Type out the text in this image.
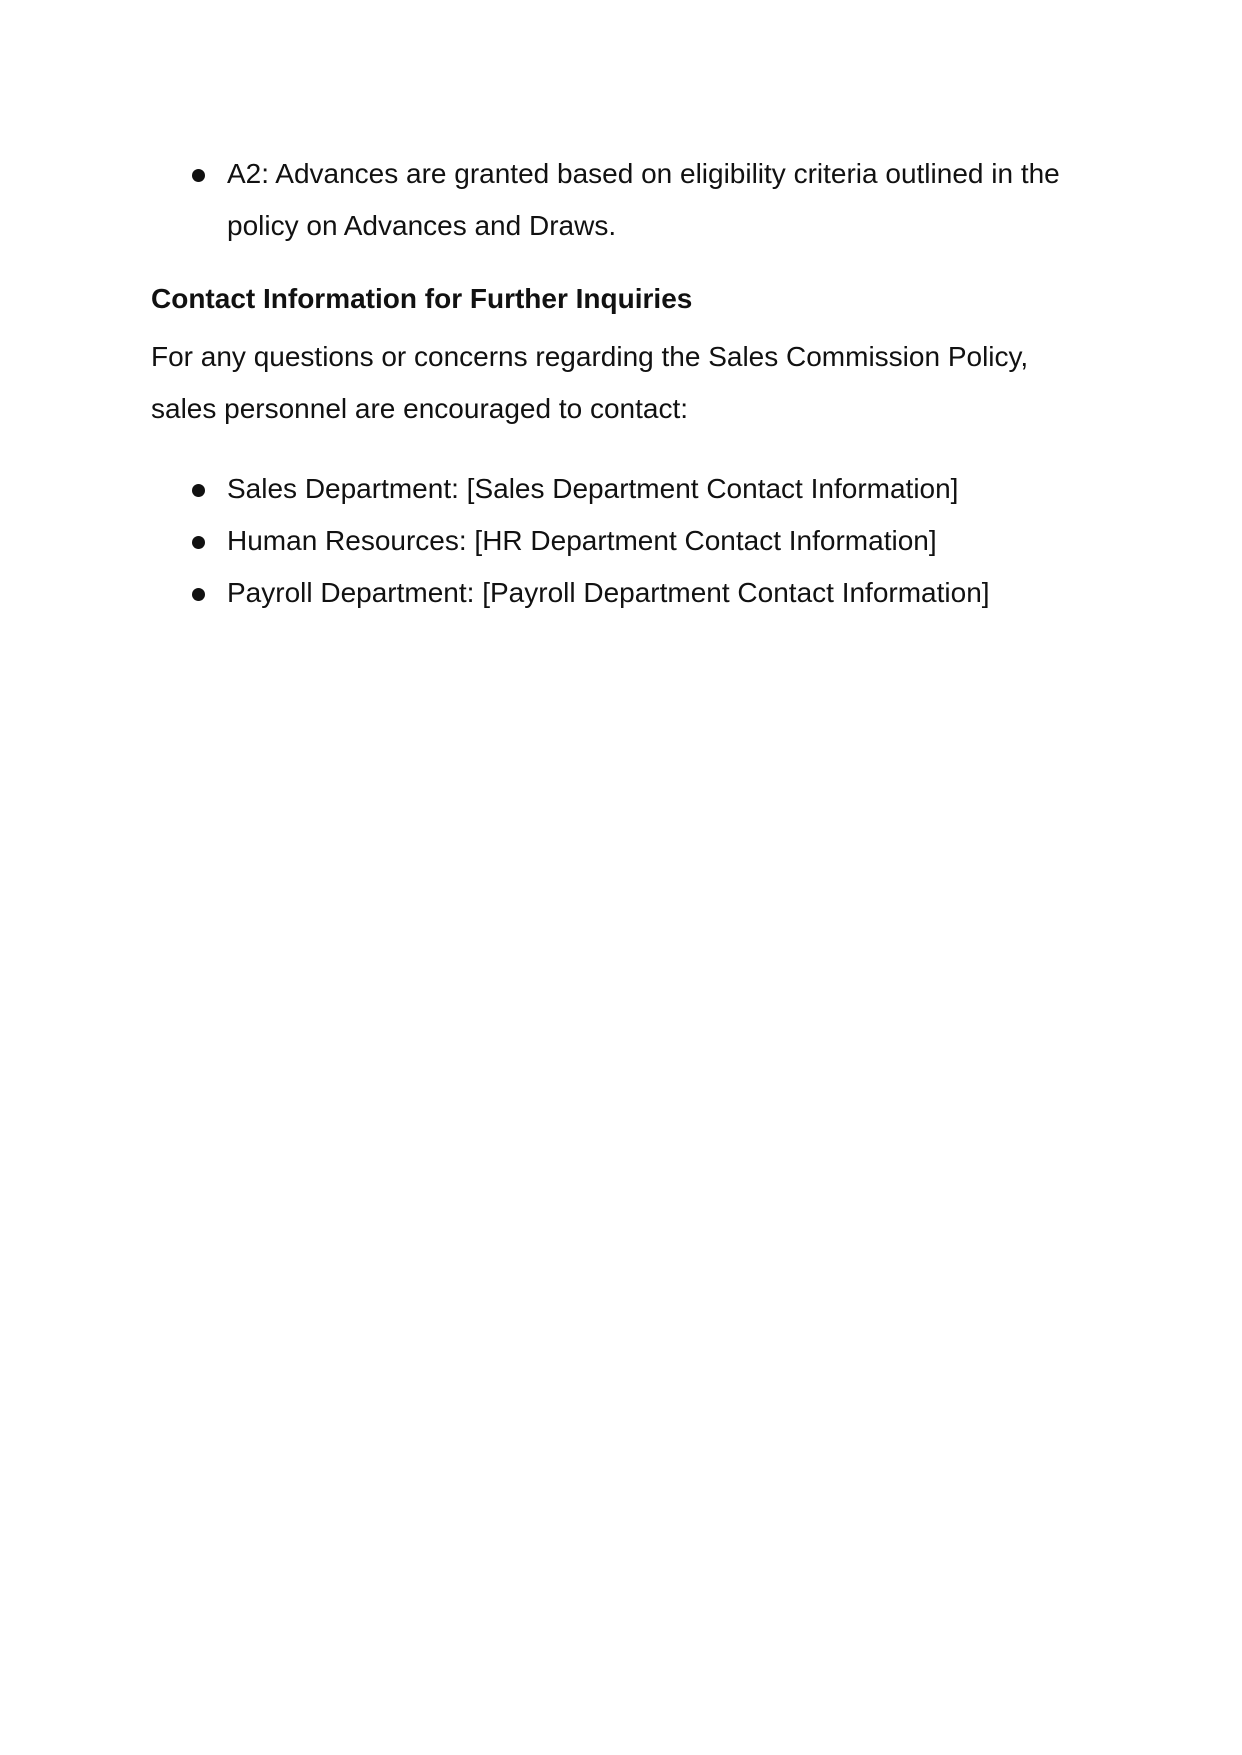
A2: Advances are granted based on eligibility criteria outlined in the policy on Advances and Draws.
Contact Information for Further Inquiries

For any questions or concerns regarding the Sales Commission Policy, sales personnel are encouraged to contact:

Sales Department: [Sales Department Contact Information]
Human Resources: [HR Department Contact Information]
Payroll Department: [Payroll Department Contact Information]
